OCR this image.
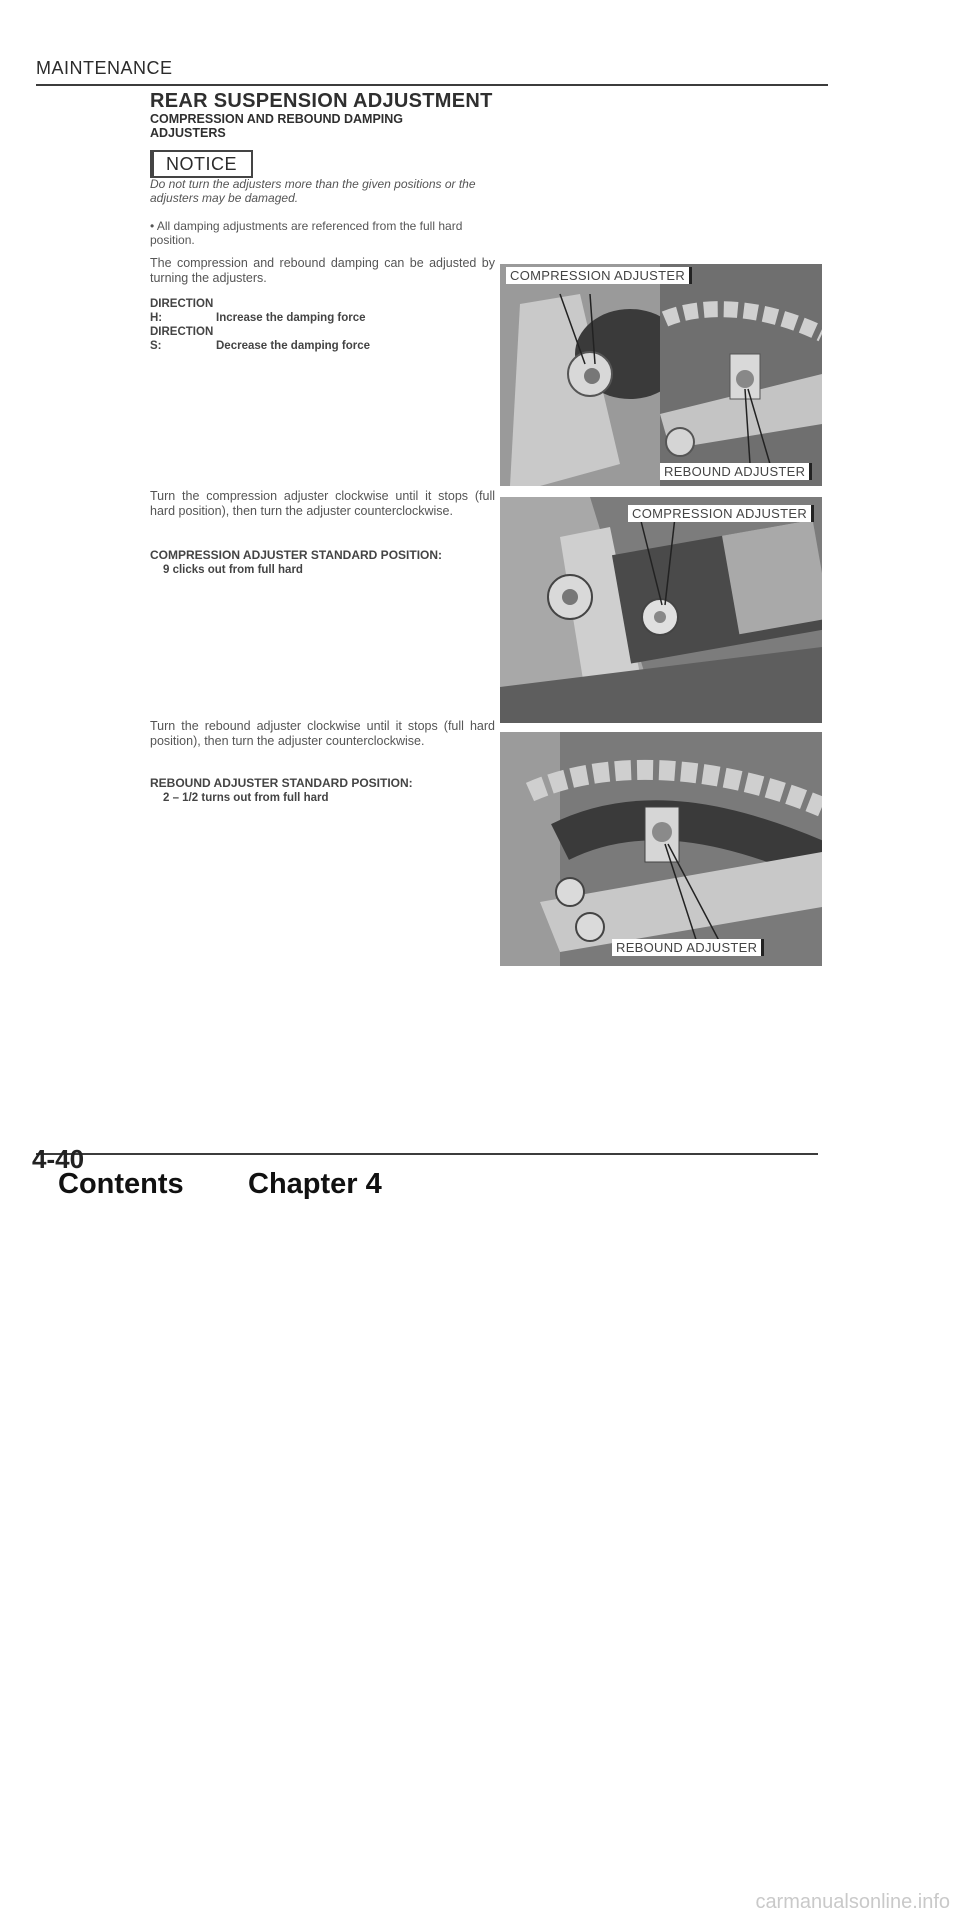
MAINTENANCE
REAR SUSPENSION ADJUSTMENT
COMPRESSION AND REBOUND DAMPING ADJUSTERS
NOTICE
Do not turn the adjusters more than the given positions or the adjusters may be damaged.
• All damping adjustments are referenced from the full hard position.
The compression and rebound damping can be adjusted by turning the adjusters.
DIRECTION H:	Increase the damping force
DIRECTION S:	Decrease the damping force
Turn the compression adjuster clockwise until it stops (full hard position), then turn the adjuster counterclockwise.
COMPRESSION ADJUSTER STANDARD POSITION:
9 clicks out from full hard
Turn the rebound adjuster clockwise until it stops (full hard position), then turn the adjuster counterclockwise.
REBOUND ADJUSTER STANDARD POSITION:
2 – 1/2 turns out from full hard
COMPRESSION ADJUSTER
REBOUND ADJUSTER
COMPRESSION ADJUSTER
REBOUND ADJUSTER
4-40
Contents Chapter 4
carmanualsonline.info
